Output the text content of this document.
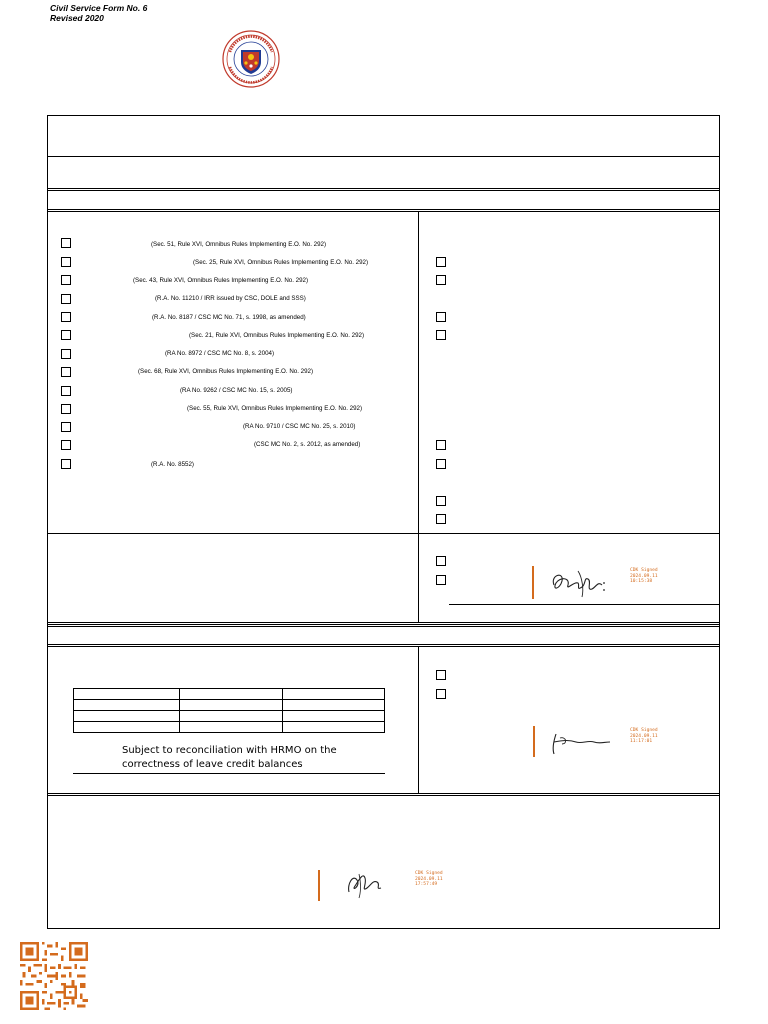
Civil Service Form No. 6
Revised 2020
(Sec. 51, Rule XVI, Omnibus Rules Implementing E.O. No. 292)
(Sec. 25, Rule XVI, Omnibus Rules Implementing E.O. No. 292)
(Sec. 43, Rule XVI, Omnibus Rules Implementing E.O. No. 292)
(R.A. No. 11210 / IRR issued by CSC, DOLE and SSS)
(R.A. No. 8187 / CSC MC No. 71, s. 1998, as amended)
(Sec. 21, Rule XVI, Omnibus Rules Implementing E.O. No. 292)
(RA No. 8972 / CSC MC No. 8, s. 2004)
(Sec. 68, Rule XVI, Omnibus Rules Implementing E.O. No. 292)
(RA No. 9262 / CSC MC No. 15, s. 2005)
(Sec. 55, Rule XVI, Omnibus Rules Implementing E.O. No. 292)
(RA No. 9710 / CSC MC No. 25, s. 2010)
(CSC MC No. 2, s. 2012, as amended)
(R.A. No. 8552)
CDK Signed
2024.09.11
10:15:38

Subject to reconciliation with HRMO on the correctness of leave credit balances
CDK Signed
2024.09.11
11:17:01
CDK Signed
2024.09.11
17:57:49
